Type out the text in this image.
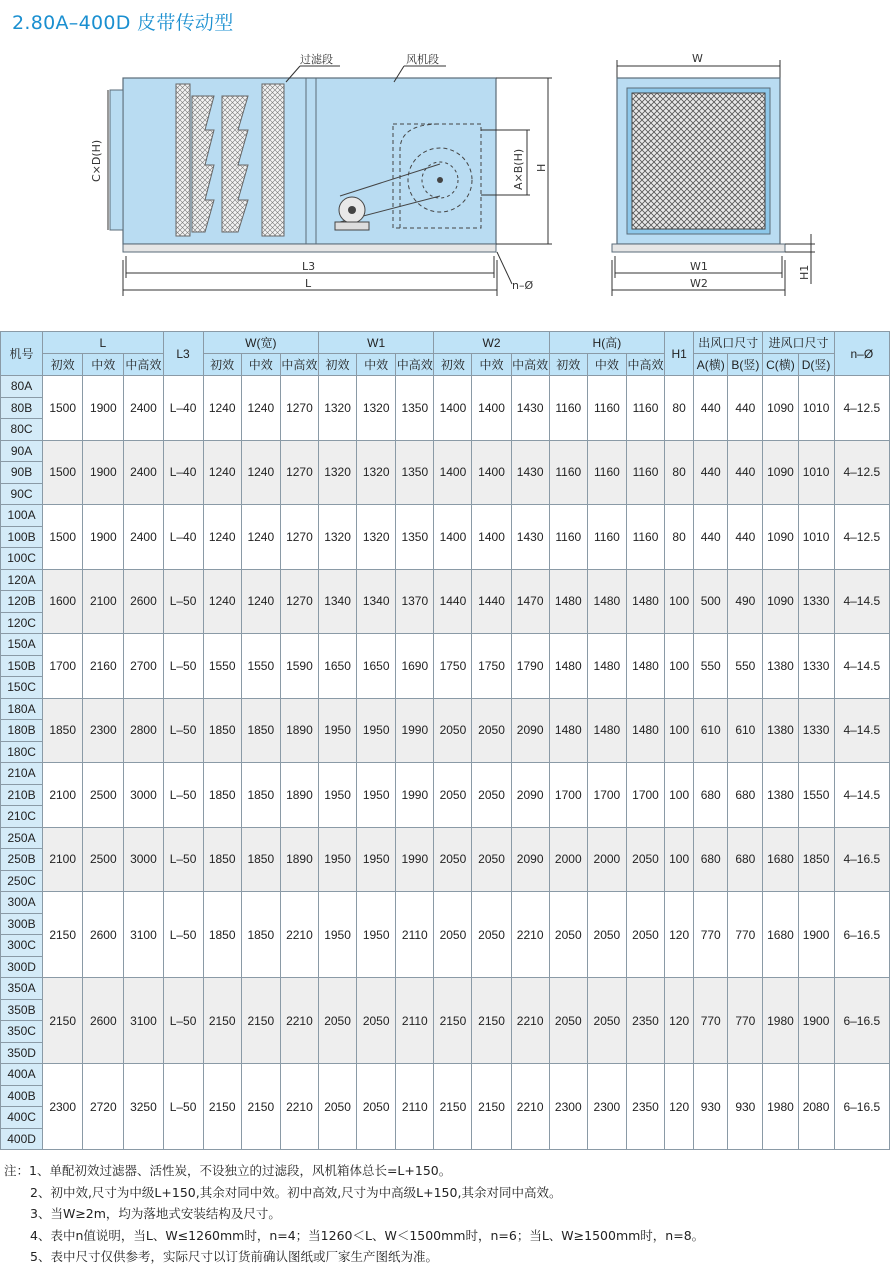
2.80A–400D 皮带传动型
过滤段	风机段
C×D(H)	A×B(H) H
L3
L	n–Ø
W
H1
W1
W2
机号	L			L3	W(宽)			W1			W2			H(高)			H1	出风口尺寸		进风口尺寸		n–Ø
	初效	中效	中高效		初效	中效	中高效	初效	中效	中高效	初效	中效	中高效	初效	中效	中高效		A(横)	B(竖)	C(横)	D(竖)	
80A	1500	1900	2400	L–40	1240	1240	1270	1320	1320	1350	1400	1400	1430	1160	1160	1160	80	440	440	1090	1010	4–12.5
80B																						
80C																						
90A	1500	1900	2400	L–40	1240	1240	1270	1320	1320	1350	1400	1400	1430	1160	1160	1160	80	440	440	1090	1010	4–12.5
90B																						
90C																						
100A	1500	1900	2400	L–40	1240	1240	1270	1320	1320	1350	1400	1400	1430	1160	1160	1160	80	440	440	1090	1010	4–12.5
100B																						
100C																						
120A	1600	2100	2600	L–50	1240	1240	1270	1340	1340	1370	1440	1440	1470	1480	1480	1480	100	500	490	1090	1330	4–14.5
120B																						
120C																						
150A	1700	2160	2700	L–50	1550	1550	1590	1650	1650	1690	1750	1750	1790	1480	1480	1480	100	550	550	1380	1330	4–14.5
150B																						
150C																						
180A	1850	2300	2800	L–50	1850	1850	1890	1950	1950	1990	2050	2050	2090	1480	1480	1480	100	610	610	1380	1330	4–14.5
180B																						
180C																						
210A	2100	2500	3000	L–50	1850	1850	1890	1950	1950	1990	2050	2050	2090	1700	1700	1700	100	680	680	1380	1550	4–14.5
210B																						
210C																						
250A	2100	2500	3000	L–50	1850	1850	1890	1950	1950	1990	2050	2050	2090	2000	2000	2050	100	680	680	1680	1850	4–16.5
250B																						
250C																						
300A	2150	2600	3100	L–50	1850	1850	2210	1950	1950	2110	2050	2050	2210	2050	2050	2050	120	770	770	1680	1900	6–16.5
300B																						
300C																						
300D																						
350A	2150	2600	3100	L–50	2150	2150	2210	2050	2050	2110	2150	2150	2210	2050	2050	2350	120	770	770	1980	1900	6–16.5
350B																						
350C																						
350D																						
400A	2300	2720	3250	L–50	2150	2150	2210	2050	2050	2110	2150	2150	2210	2300	2300	2350	120	930	930	1980	2080	6–16.5
400B																						
400C																						
400D																						
注：1、单配初效过滤器、活性炭，不设独立的过滤段，风机箱体总长=L+150。
2、初中效,尺寸为中级L+150,其余对同中效。初中高效,尺寸为中高级L+150,其余对同中高效。
3、当W≥2m，均为落地式安装结构及尺寸。
4、表中n值说明，当L、W≤1260mm时，n=4；当1260＜L、W＜1500mm时，n=6；当L、W≥1500mm时，n=8。
5、表中尺寸仅供参考，实际尺寸以订货前确认图纸或厂家生产图纸为准。
